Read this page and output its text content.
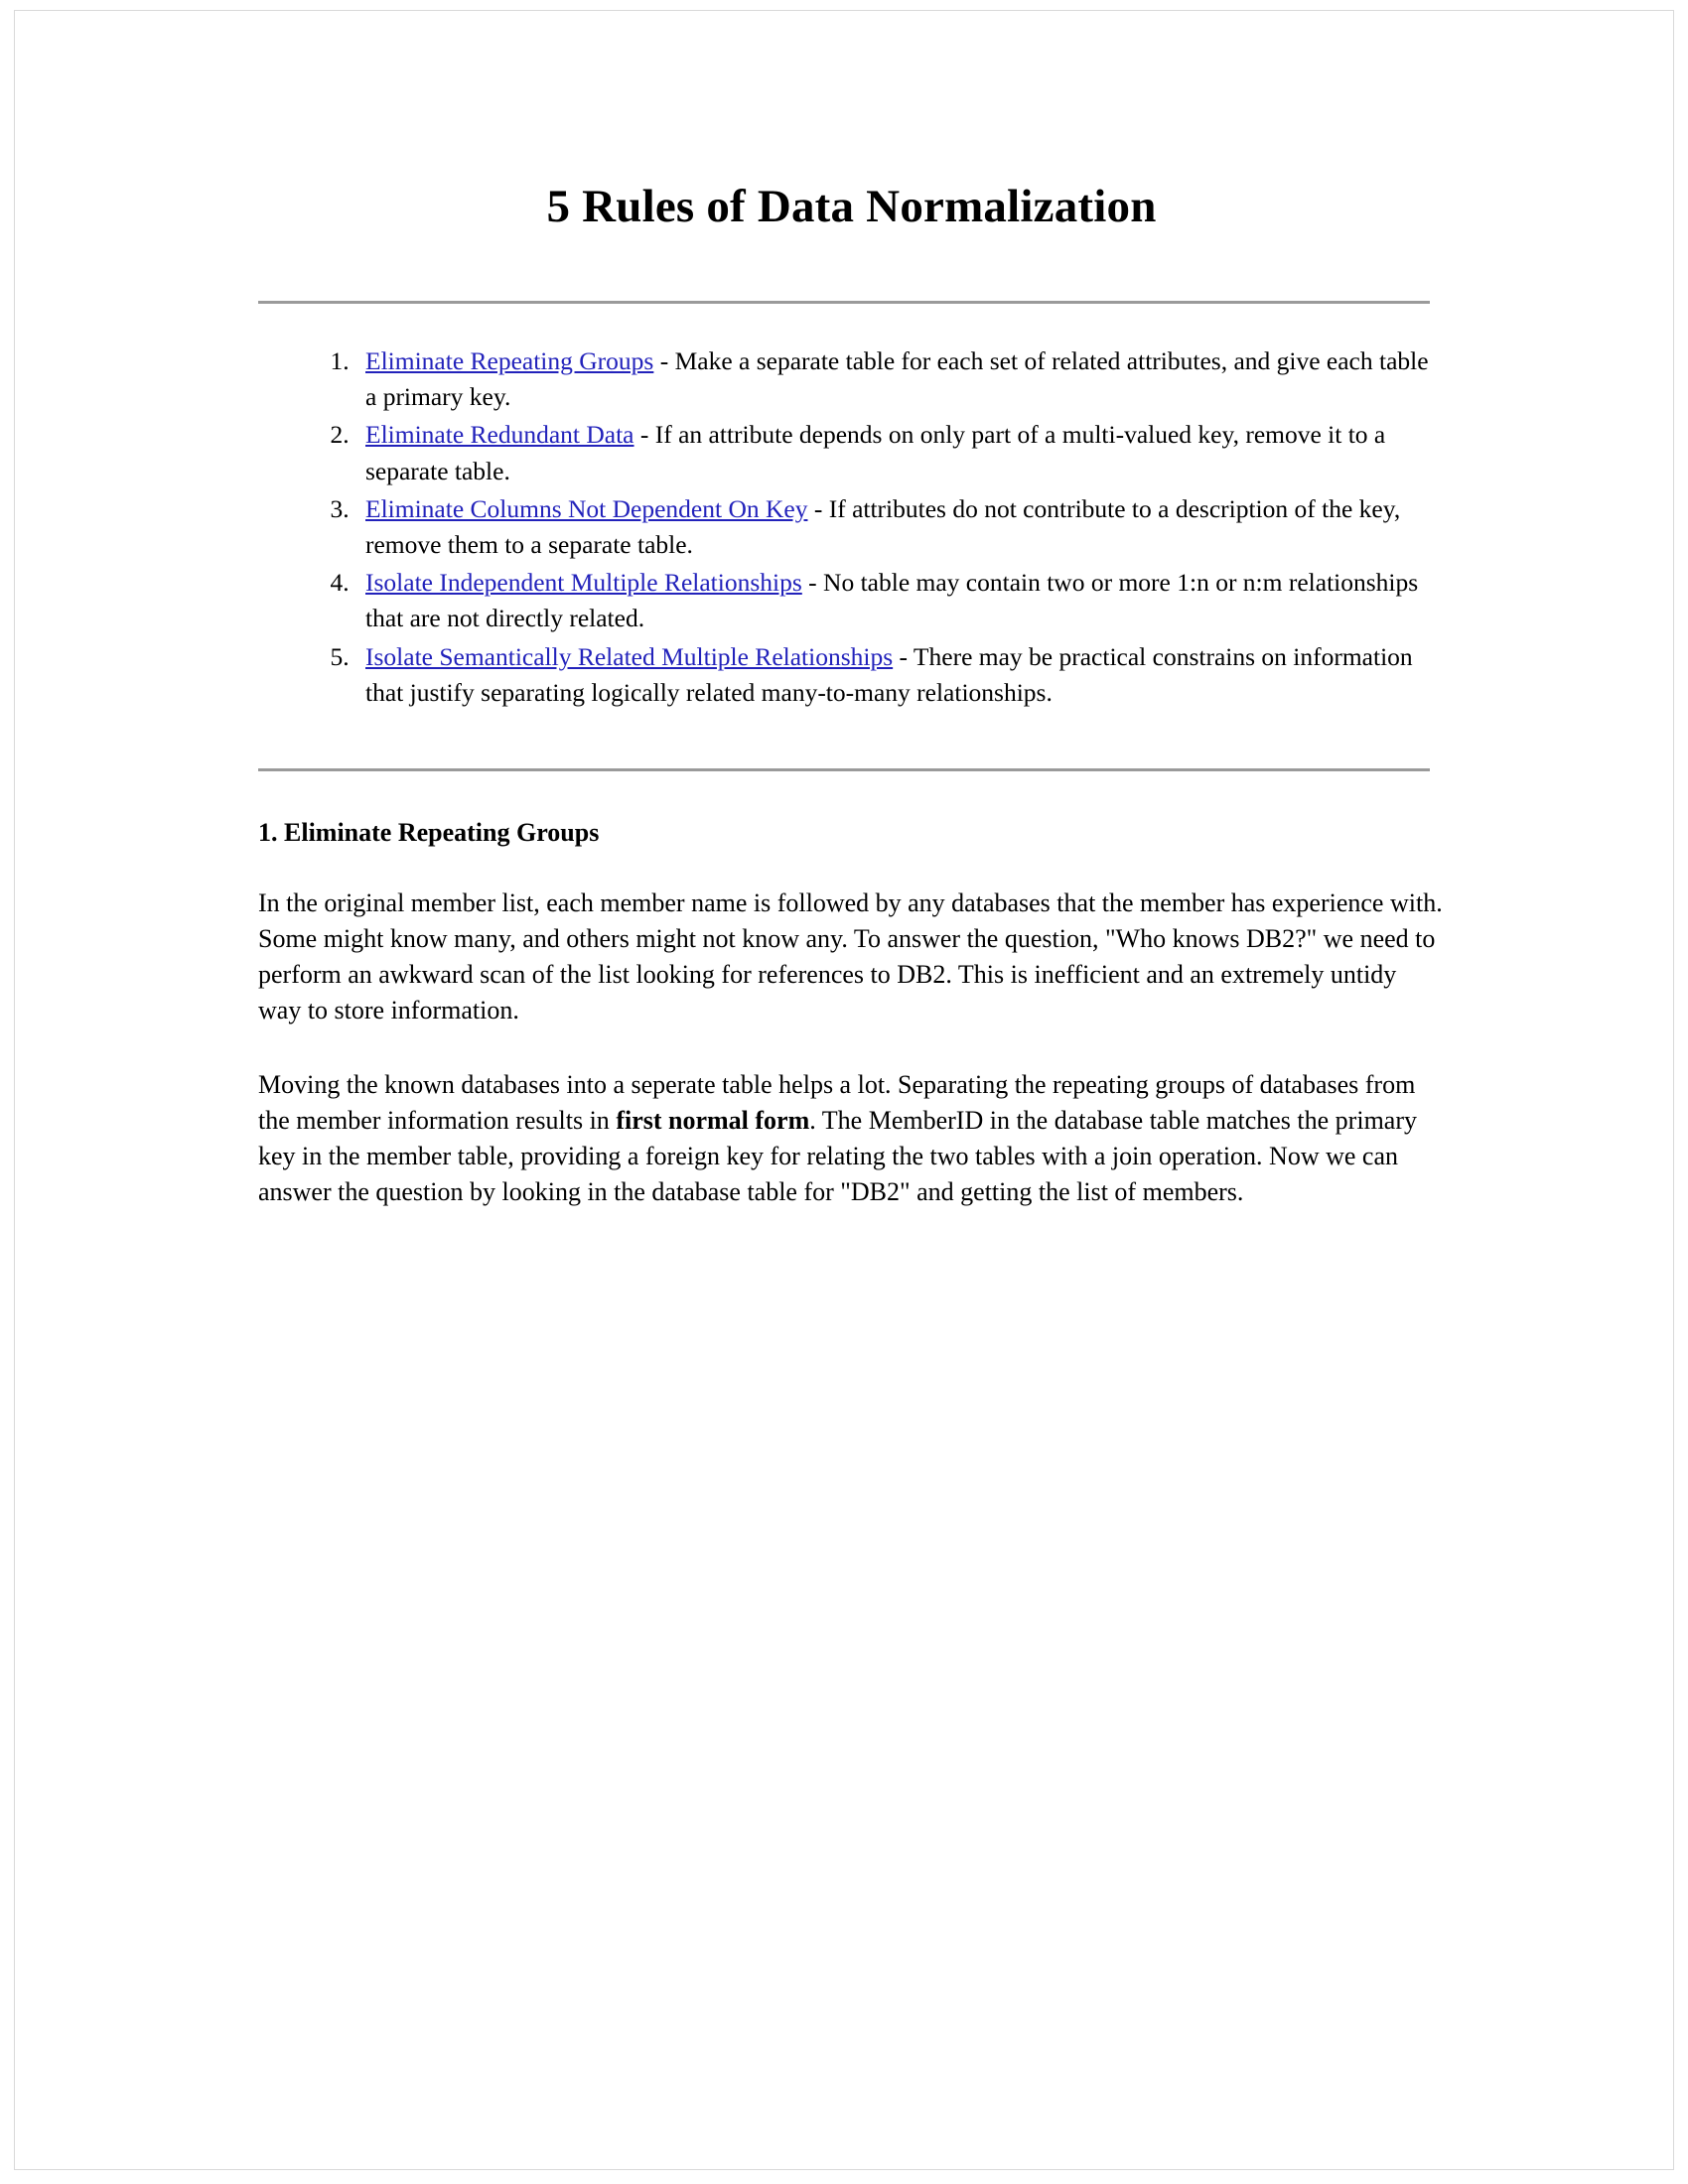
5 Rules of Data Normalization
1. Eliminate Repeating Groups - Make a separate table for each set of related attributes, and give each table a primary key.
2. Eliminate Redundant Data - If an attribute depends on only part of a multi-valued key, remove it to a separate table.
3. Eliminate Columns Not Dependent On Key - If attributes do not contribute to a description of the key, remove them to a separate table.
4. Isolate Independent Multiple Relationships - No table may contain two or more 1:n or n:m relationships that are not directly related.
5. Isolate Semantically Related Multiple Relationships - There may be practical constrains on information that justify separating logically related many-to-many relationships.
1. Eliminate Repeating Groups

In the original member list, each member name is followed by any databases that the member has experience with. Some might know many, and others might not know any. To answer the question, "Who knows DB2?" we need to perform an awkward scan of the list looking for references to DB2. This is inefficient and an extremely untidy way to store information.

Moving the known databases into a seperate table helps a lot. Separating the repeating groups of databases from the member information results in first normal form. The MemberID in the database table matches the primary key in the member table, providing a foreign key for relating the two tables with a join operation. Now we can answer the question by looking in the database table for "DB2" and getting the list of members.
